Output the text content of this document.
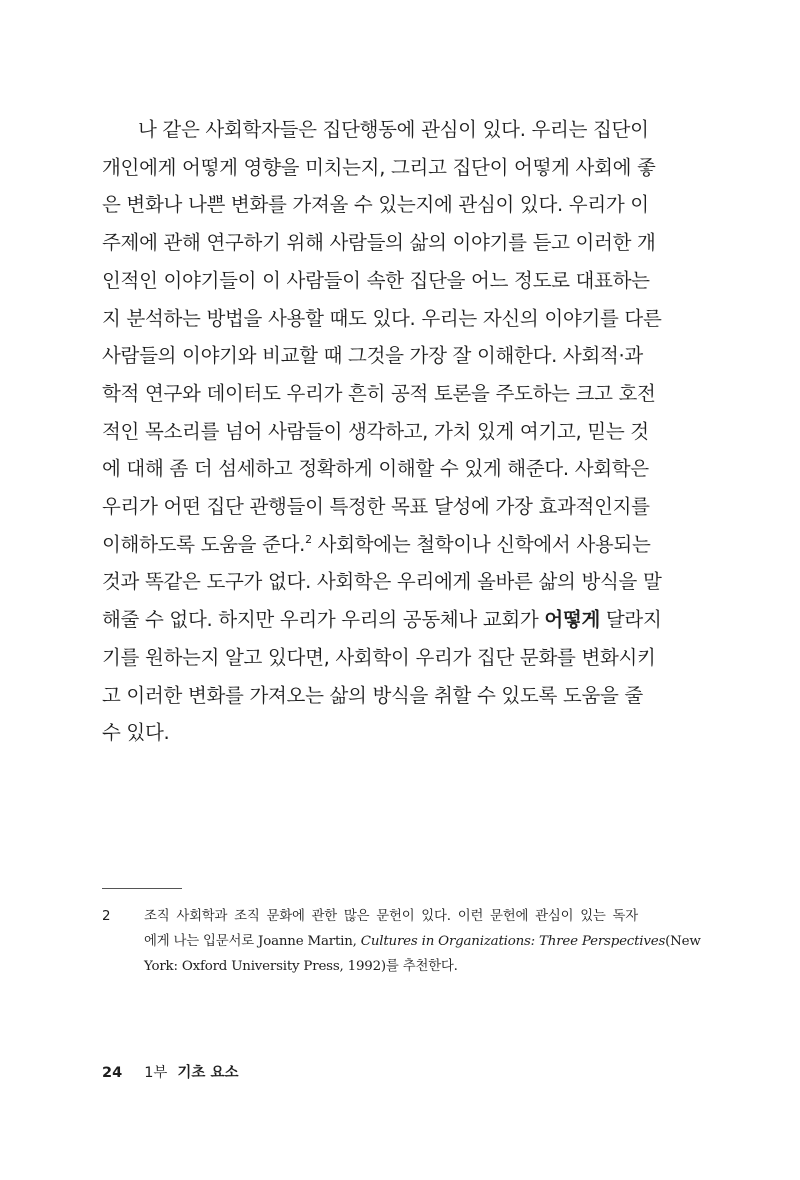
나 같은 사회학자들은 집단행동에 관심이 있다. 우리는 집단이
개인에게 어떻게 영향을 미치는지, 그리고 집단이 어떻게 사회에 좋
은 변화나 나쁜 변화를 가져올 수 있는지에 관심이 있다. 우리가 이
주제에 관해 연구하기 위해 사람들의 삶의 이야기를 듣고 이러한 개
인적인 이야기들이 이 사람들이 속한 집단을 어느 정도로 대표하는
지 분석하는 방법을 사용할 때도 있다. 우리는 자신의 이야기를 다른
사람들의 이야기와 비교할 때 그것을 가장 잘 이해한다. 사회적·과
학적 연구와 데이터도 우리가 흔히 공적 토론을 주도하는 크고 호전
적인 목소리를 넘어 사람들이 생각하고, 가치 있게 여기고, 믿는 것
에 대해 좀 더 섬세하고 정확하게 이해할 수 있게 해준다. 사회학은
우리가 어떤 집단 관행들이 특정한 목표 달성에 가장 효과적인지를
이해하도록 도움을 준다.$^2$ 사회학에는 철학이나 신학에서 사용되는
것과 똑같은 도구가 없다. 사회학은 우리에게 올바른 삶의 방식을 말
해줄 수 없다. 하지만 우리가 우리의 공동체나 교회가 어떻게 달라지
기를 원하는지 알고 있다면, 사회학이 우리가 집단 문화를 변화시키
고 이러한 변화를 가져오는 삶의 방식을 취할 수 있도록 도움을 줄
수 있다.
2	조직 사회학과 조직 문화에 관한 많은 문헌이 있다. 이런 문헌에 관심이 있는 독자
에게 나는 입문서로 Joanne Martin, Cultures in Organizations: Three Perspectives(New
York: Oxford University Press, 1992)를 추천한다.
24 1부 기초 요소
